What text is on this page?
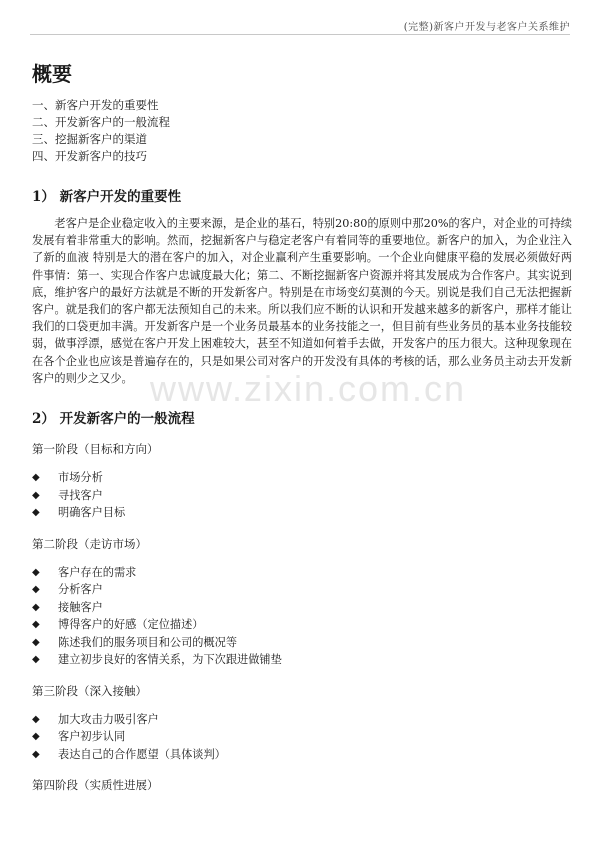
(完整)新客户开发与老客户关系维护
www.zixin.com.cn
概要
一、新客户开发的重要性
二、开发新客户的一般流程
三、挖掘新客户的渠道
四、开发新客户的技巧
1） 新客户开发的重要性

老客户是企业稳定收入的主要来源，是企业的基石，特别20:80的原则中那20%的客户，对企业的可持续发展有着非常重大的影响。然而，挖掘新客户与稳定老客户有着同等的重要地位。新客户的加入，为企业注入了新的血液 特别是大的潜在客户的加入，对企业赢利产生重要影响。一个企业向健康平稳的发展必须做好两件事情：第一、实现合作客户忠诚度最大化；第二、不断挖掘新客户资源并将其发展成为合作客户。其实说到底，维护客户的最好方法就是不断的开发新客户。特别是在市场变幻莫测的今天。别说是我们自己无法把握新客户。就是我们的客户都无法预知自己的未来。所以我们应不断的认识和开发越来越多的新客户，那样才能让我们的口袋更加丰满。开发新客户是一个业务员最基本的业务技能之一，但目前有些业务员的基本业务技能较弱，做事浮漂，感觉在客户开发上困难较大，甚至不知道如何着手去做，开发客户的压力很大。这种现象现在在各个企业也应该是普遍存在的，只是如果公司对客户的开发没有具体的考核的话，那么业务员主动去开发新客户的则少之又少。

2） 开发新客户的一般流程
第一阶段（目标和方向）
◆	市场分析
◆	寻找客户
◆	明确客户目标
第二阶段（走访市场）
◆	客户存在的需求
◆	分析客户
◆	接触客户
◆	博得客户的好感（定位描述）
◆	陈述我们的服务项目和公司的概况等
◆	建立初步良好的客情关系，为下次跟进做铺垫
第三阶段（深入接触）
◆	加大攻击力吸引客户
◆	客户初步认同
◆	表达自己的合作愿望（具体谈判）
第四阶段（实质性进展）
